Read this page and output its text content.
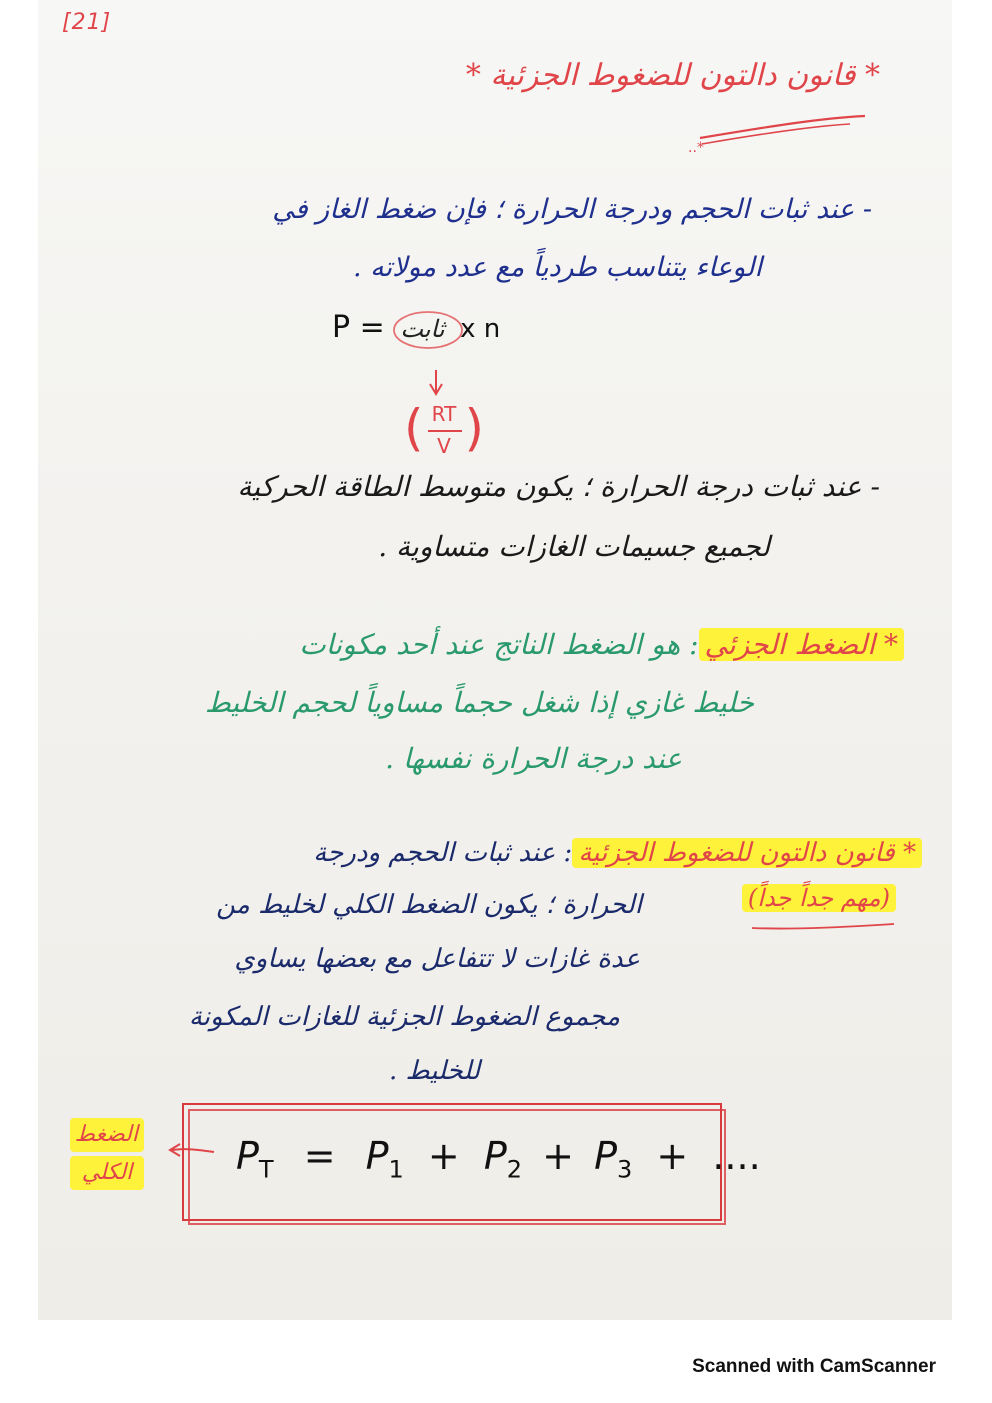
[21]
* قانون دالتون للضغوط الجزئية *
..*
- عند ثبات الحجم ودرجة الحرارة ؛ فإن ضغط الغاز في
الوعاء يتناسب طردياً مع عدد مولاته .
P = ثابت x n
( RT
V )
- عند ثبات درجة الحرارة ؛ يكون متوسط الطاقة الحركية
لجميع جسيمات الغازات متساوية .
* الضغط الجزئي: هو الضغط الناتج عند أحد مكونات
خليط غازي إذا شغل حجماً مساوياً لحجم الخليط
عند درجة الحرارة نفسها .
* قانون دالتون للضغوط الجزئية: عند ثبات الحجم ودرجة
(مهم جداً جداً)
الحرارة ؛ يكون الضغط الكلي لخليط من
عدة غازات لا تتفاعل مع بعضها يساوي
مجموع الضغوط الجزئية للغازات المكونة
للخليط .
الضغط
الكلي	$P_T = P_1 + P_2 + P_3$ + ....
Scanned with CamScanner
